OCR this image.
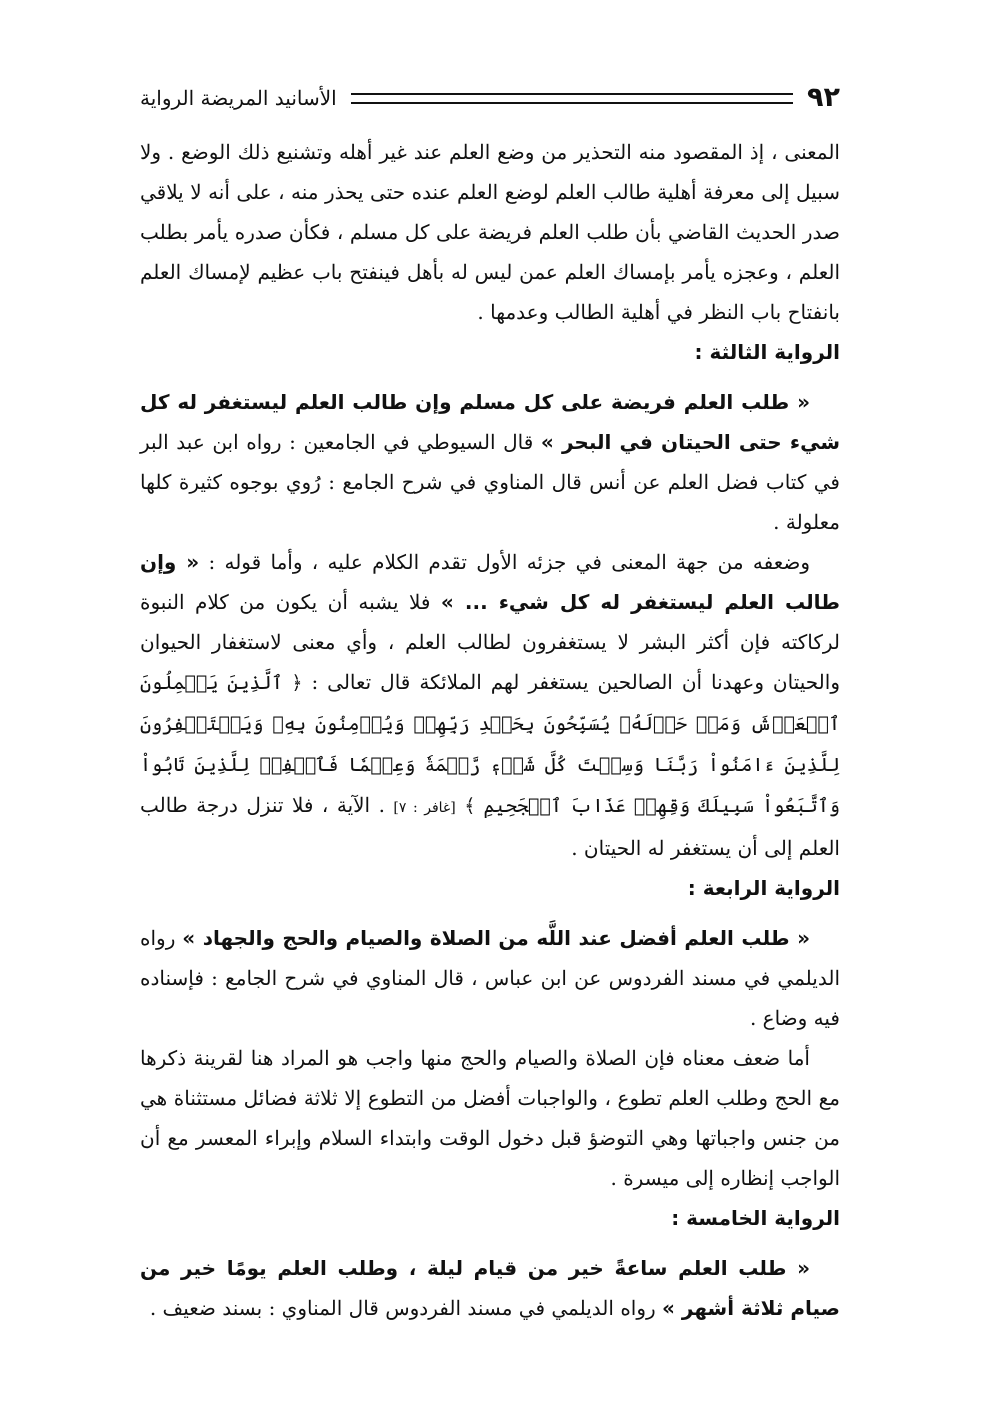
٩٢
الأسانيد المريضة الرواية

المعنى ، إذ المقصود منه التحذير من وضع العلم عند غير أهله وتشنيع ذلك الوضع . ولا سبيل إلى معرفة أهلية طالب العلم لوضع العلم عنده حتى يحذر منه ، على أنه لا يلاقي صدر الحديث القاضي بأن طلب العلم فريضة على كل مسلم ، فكأن صدره يأمر بطلب العلم ، وعجزه يأمر بإمساك العلم عمن ليس له بأهل فينفتح باب عظيم لإمساك العلم بانفتاح باب النظر في أهلية الطالب وعدمها .

الرواية الثالثة :

« طلب العلم فريضة على كل مسلم وإن طالب العلم ليستغفر له كل شيء حتى الحيتان في البحر » قال السيوطي في الجامعين : رواه ابن عبد البر في كتاب فضل العلم عن أنس قال المناوي في شرح الجامع : رُوي بوجوه كثيرة كلها معلولة .

وضعفه من جهة المعنى في جزئه الأول تقدم الكلام عليه ، وأما قوله : « وإن طالب العلم ليستغفر له كل شيء ... » فلا يشبه أن يكون من كلام النبوة لركاكته فإن أكثر البشر لا يستغفرون لطالب العلم ، وأي معنى لاستغفار الحيوان والحيتان وعهدنا أن الصالحين يستغفر لهم الملائكة قال تعالى : ﴿ ٱلَّذِينَ يَحۡمِلُونَ ٱلۡعَرۡشَ وَمَنۡ حَوۡلَهُۥ يُسَبِّحُونَ بِحَمۡدِ رَبِّهِمۡ وَيُؤۡمِنُونَ بِهِۦ وَيَسۡتَغۡفِرُونَ لِلَّذِينَ ءَامَنُواْ رَبَّنَا وَسِعۡتَ كُلَّ شَيۡءٖ رَّحۡمَةٗ وَعِلۡمٗا فَٱغۡفِرۡ لِلَّذِينَ تَابُواْ وَٱتَّبَعُواْ سَبِيلَكَ وَقِهِمۡ عَذَابَ ٱلۡجَحِيمِ ﴾ [غافر : ٧] . الآية ، فلا تنزل درجة طالب العلم إلى أن يستغفر له الحيتان .

الرواية الرابعة :

« طلب العلم أفضل عند اللَّه من الصلاة والصيام والحج والجهاد » رواه الديلمي في مسند الفردوس عن ابن عباس ، قال المناوي في شرح الجامع : فإسناده فيه وضاع .

أما ضعف معناه فإن الصلاة والصيام والحج منها واجب هو المراد هنا لقرينة ذكرها مع الحج وطلب العلم تطوع ، والواجبات أفضل من التطوع إلا ثلاثة فضائل مستثناة هي من جنس واجباتها وهي التوضؤ قبل دخول الوقت وابتداء السلام وإبراء المعسر مع أن الواجب إنظاره إلى ميسرة .

الرواية الخامسة :

« طلب العلم ساعةً خير من قيام ليلة ، وطلب العلم يومًا خير من صيام ثلاثة أشهر » رواه الديلمي في مسند الفردوس قال المناوي : بسند ضعيف .
